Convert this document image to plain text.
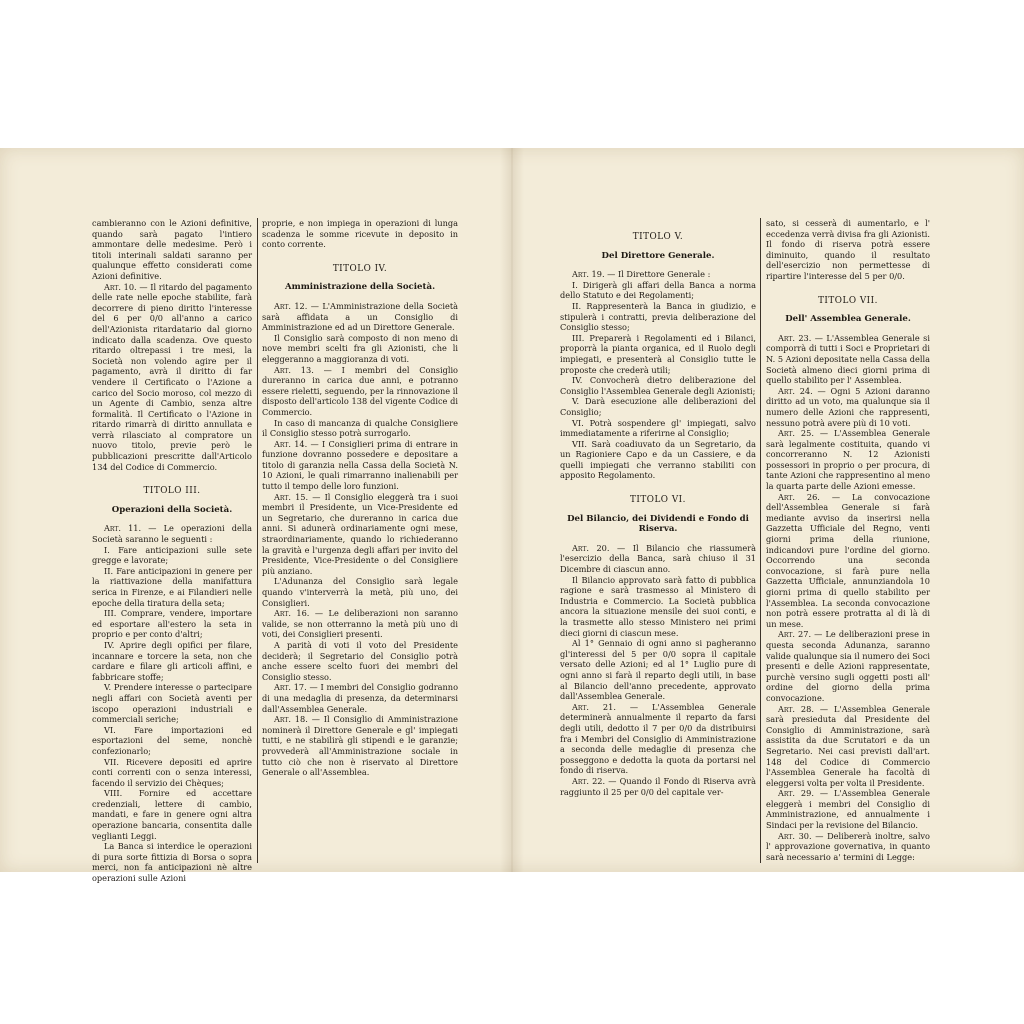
cambieranno con le Azioni definitive, quando sarà pagato l'intiero ammontare delle medesime. Però i titoli interinali saldati saranno per qualunque effetto considerati come Azioni definitive.

Art. 10. — Il ritardo del pagamento delle rate nelle epoche stabilite, farà decorrere di pieno diritto l'interesse del 6 per 0/0 all'anno a carico dell'Azionista ritardatario dal giorno indicato dalla scadenza. Ove questo ritardo oltrepassi i tre mesi, la Società non volendo agire per il pagamento, avrà il diritto di far vendere il Certificato o l'Azione a carico del Socio moroso, col mezzo di un Agente di Cambio, senza altre formalità. Il Certificato o l'Azione in ritardo rimarrà di diritto annullata e verrà rilasciato al compratore un nuovo titolo, previe però le pubblicazioni prescritte dall'Articolo 134 del Codice di Commercio.

TITOLO III.

Operazioni della Società.

Art. 11. — Le operazioni della Società saranno le seguenti :

I. Fare anticipazioni sulle sete gregge e lavorate;

II. Fare anticipazioni in genere per la riattivazione della manifattura serica in Firenze, e ai Filandieri nelle epoche della tiratura della seta;

III. Comprare, vendere, importare ed esportare all'estero la seta in proprio e per conto d'altri;

IV. Aprire degli opifici per filare, incannare e torcere la seta, non che cardare e filare gli articoli affini, e fabbricare stoffe;

V. Prendere interesse o partecipare negli affari con Società aventi per iscopo operazioni industriali e commerciali seriche;

VI. Fare importazioni ed esportazioni del seme, nonchè confezionarlo;

VII. Ricevere depositi ed aprire conti correnti con o senza interessi, facendo il servizio dei Chèques;

VIII. Fornire ed accettare credenziali, lettere di cambio, mandati, e fare in genere ogni altra operazione bancaria, consentita dalle veglianti Leggi.

La Banca si interdice le operazioni di pura sorte fittizia di Borsa o sopra merci, non fa anticipazioni nè altre operazioni sulle Azioni

proprie, e non impiega in operazioni di lunga scadenza le somme ricevute in deposito in conto corrente.

TITOLO IV.

Amministrazione della Società.

Art. 12. — L'Amministrazione della Società sarà affidata a un Consiglio di Amministrazione ed ad un Direttore Generale.

Il Consiglio sarà composto di non meno di nove membri scelti fra gli Azionisti, che li eleggeranno a maggioranza di voti.

Art. 13. — I membri del Consiglio dureranno in carica due anni, e potranno essere rieletti, seguendo, per la rinnovazione il disposto dell'articolo 138 del vigente Codice di Commercio.

In caso di mancanza di qualche Consigliere il Consiglio stesso potrà surrogarlo.

Art. 14. — I Consiglieri prima di entrare in funzione dovranno possedere e depositare a titolo di garanzia nella Cassa della Società N. 10 Azioni, le quali rimarranno inalienabili per tutto il tempo delle loro funzioni.

Art. 15. — Il Consiglio eleggerà tra i suoi membri il Presidente, un Vice-Presidente ed un Segretario, che dureranno in carica due anni. Si adunerà ordinariamente ogni mese, straordinariamente, quando lo richiederanno la gravità e l'urgenza degli affari per invito del Presidente, Vice-Presidente o del Consigliere più anziano.

L'Adunanza del Consiglio sarà legale quando v'interverrà la metà, più uno, dei Consiglieri.

Art. 16. — Le deliberazioni non saranno valide, se non otterranno la metà più uno di voti, dei Consiglieri presenti.

A parità di voti il voto del Presidente deciderà; il Segretario del Consiglio potrà anche essere scelto fuori dei membri del Consiglio stesso.

Art. 17. — I membri del Consiglio godranno di una medaglia di presenza, da determinarsi dall'Assemblea Generale.

Art. 18. — Il Consiglio di Amministrazione nominerà il Direttore Generale e gl' impiegati tutti, e ne stabilirà gli stipendi e le garanzie; provvederà all'Amministrazione sociale in tutto ciò che non è riservato al Direttore Generale o all'Assemblea.

TITOLO V.

Del Direttore Generale.

Art. 19. — Il Direttore Generale :

I. Dirigerà gli affari della Banca a norma dello Statuto e dei Regolamenti;

II. Rappresenterà la Banca in giudizio, e stipulerà i contratti, previa deliberazione del Consiglio stesso;

III. Preparerà i Regolamenti ed i Bilanci, proporrà la pianta organica, ed il Ruolo degli impiegati, e presenterà al Consiglio tutte le proposte che crederà utili;

IV. Convocherà dietro deliberazione del Consiglio l'Assemblea Generale degli Azionisti;

V. Darà esecuzione alle deliberazioni del Consiglio;

VI. Potrà sospendere gl' impiegati, salvo immediatamente a riferirne al Consiglio;

VII. Sarà coadiuvato da un Segretario, da un Ragioniere Capo e da un Cassiere, e da quelli impiegati che verranno stabiliti con apposito Regolamento.

TITOLO VI.

Del Bilancio, dei Dividendi e Fondo di Riserva.

Art. 20. — Il Bilancio che riassumerà l'esercizio della Banca, sarà chiuso il 31 Dicembre di ciascun anno.

Il Bilancio approvato sarà fatto di pubblica ragione e sarà trasmesso al Ministero di Industria e Commercio. La Società pubblica ancora la situazione mensile dei suoi conti, e la trasmette allo stesso Ministero nei primi dieci giorni di ciascun mese.

Al 1° Gennaio di ogni anno si pagheranno gl'interessi del 5 per 0/0 sopra il capitale versato delle Azioni; ed al 1° Luglio pure di ogni anno si farà il reparto degli utili, in base al Bilancio dell'anno precedente, approvato dall'Assemblea Generale.

Art. 21. — L'Assemblea Generale determinerà annualmente il reparto da farsi degli utili, dedotto il 7 per 0/0 da distribuirsi fra i Membri del Consiglio di Amministrazione a seconda delle medaglie di presenza che posseggono e dedotta la quota da portarsi nel fondo di riserva.

Art. 22. — Quando il Fondo di Riserva avrà raggiunto il 25 per 0/0 del capitale ver-

sato, si cesserà di aumentarlo, e l' eccedenza verrà divisa fra gli Azionisti. Il fondo di riserva potrà essere diminuito, quando il resultato dell'esercizio non permettesse di ripartire l'interesse del 5 per 0/0.

TITOLO VII.

Dell' Assemblea Generale.

Art. 23. — L'Assemblea Generale si comporrà di tutti i Soci e Proprietari di N. 5 Azioni depositate nella Cassa della Società almeno dieci giorni prima di quello stabilito per l' Assemblea.

Art. 24. — Ogni 5 Azioni daranno diritto ad un voto, ma qualunque sia il numero delle Azioni che rappresenti, nessuno potrà avere più di 10 voti.

Art. 25. — L'Assemblea Generale sarà legalmente costituita, quando vi concorreranno N. 12 Azionisti possessori in proprio o per procura, di tante Azioni che rappresentino al meno la quarta parte delle Azioni emesse.

Art. 26. — La convocazione dell'Assemblea Generale si farà mediante avviso da inserirsi nella Gazzetta Ufficiale del Regno, venti giorni prima della riunione, indicandovi pure l'ordine del giorno. Occorrendo una seconda convocazione, si farà pure nella Gazzetta Ufficiale, annunziandola 10 giorni prima di quello stabilito per l'Assemblea. La seconda convocazione non potrà essere protratta al di là di un mese.

Art. 27. — Le deliberazioni prese in questa seconda Adunanza, saranno valide qualunque sia il numero dei Soci presenti e delle Azioni rappresentate, purchè versino sugli oggetti posti all' ordine del giorno della prima convocazione.

Art. 28. — L'Assemblea Generale sarà presieduta dal Presidente del Consiglio di Amministrazione, sarà assistita da due Scrutatori e da un Segretario. Nei casi previsti dall'art. 148 del Codice di Commercio l'Assemblea Generale ha facoltà di eleggersi volta per volta il Presidente.

Art. 29. — L'Assemblea Generale eleggerà i membri del Consiglio di Amministrazione, ed annualmente i Sindaci per la revisione del Bilancio.

Art. 30. — Delibererà inoltre, salvo l' approvazione governativa, in quanto sarà necessario a' termini di Legge:
